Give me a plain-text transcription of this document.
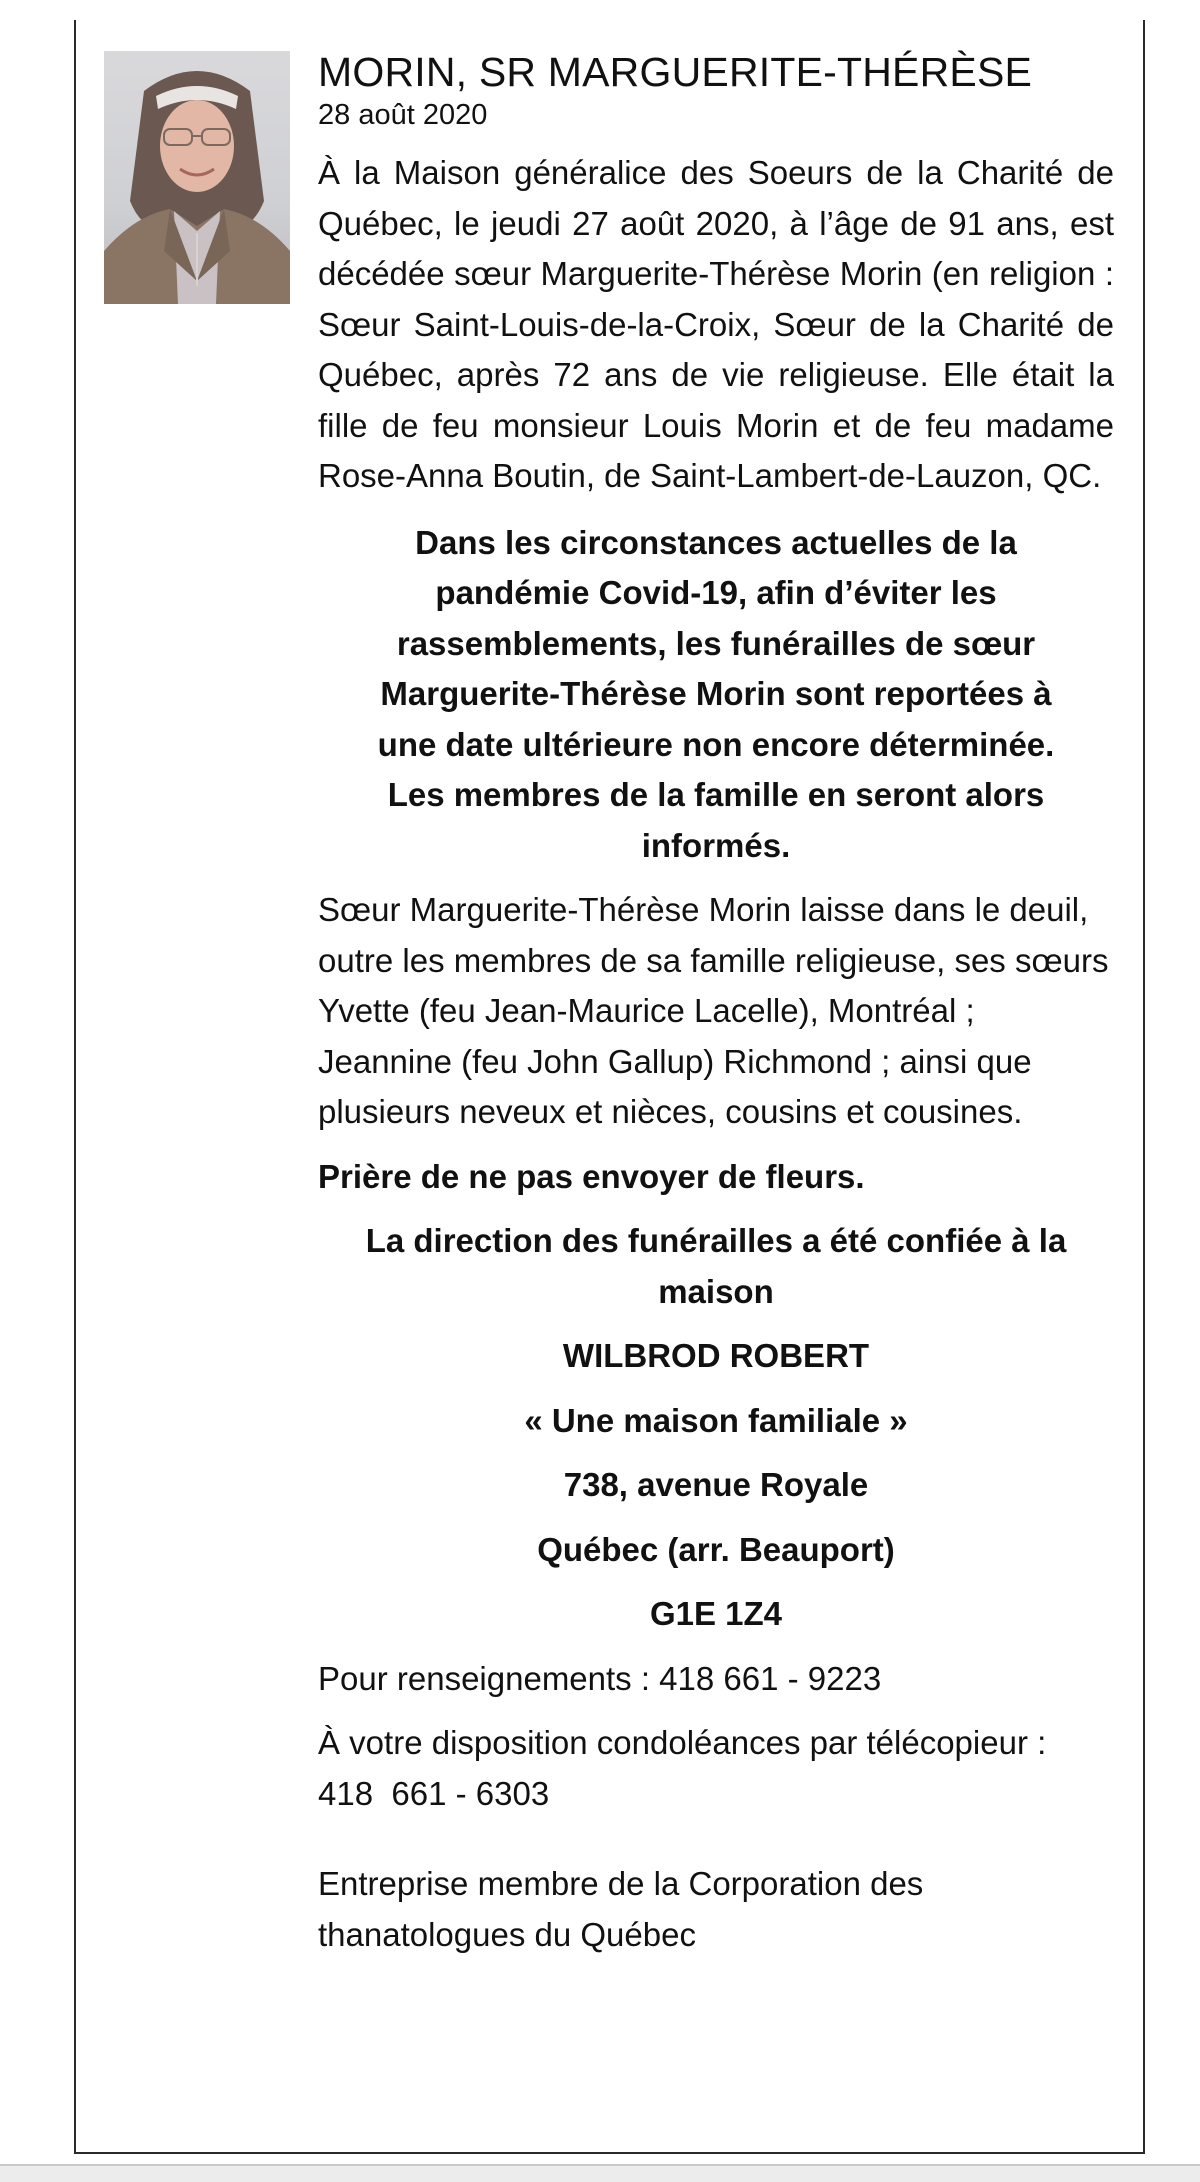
MORIN, SR MARGUERITE-THÉRÈSE
28 août 2020

À la Maison généralice des Soeurs de la Charité de Québec, le jeudi 27 août 2020, à l’âge de 91 ans, est décédée sœur Marguerite-Thérèse Morin (en religion : Sœur Saint-Louis-de-la-Croix, Sœur de la Charité de Québec, après 72 ans de vie religieuse. Elle était la fille de feu monsieur Louis Morin et de feu madame Rose-Anna Boutin, de Saint-Lambert-de-Lauzon, QC.

Dans les circonstances actuelles de la pandémie Covid-19, afin d’éviter les rassemblements, les funérailles de sœur Marguerite-Thérèse Morin sont reportées à une date ultérieure non encore déterminée. Les membres de la famille en seront alors informés.

Sœur Marguerite-Thérèse Morin laisse dans le deuil, outre les membres de sa famille religieuse, ses sœurs Yvette (feu Jean-Maurice Lacelle), Montréal ; Jeannine (feu John Gallup) Richmond ; ainsi que plusieurs neveux et nièces, cousins et cousines.

Prière de ne pas envoyer de fleurs.

La direction des funérailles a été confiée à la maison

WILBROD ROBERT

« Une maison familiale »

738, avenue Royale

Québec (arr. Beauport)

G1E 1Z4

Pour renseignements : 418 661 - 9223

À votre disposition condoléances par télécopieur :

418  661 - 6303

Entreprise membre de la Corporation des thanatologues du Québec
